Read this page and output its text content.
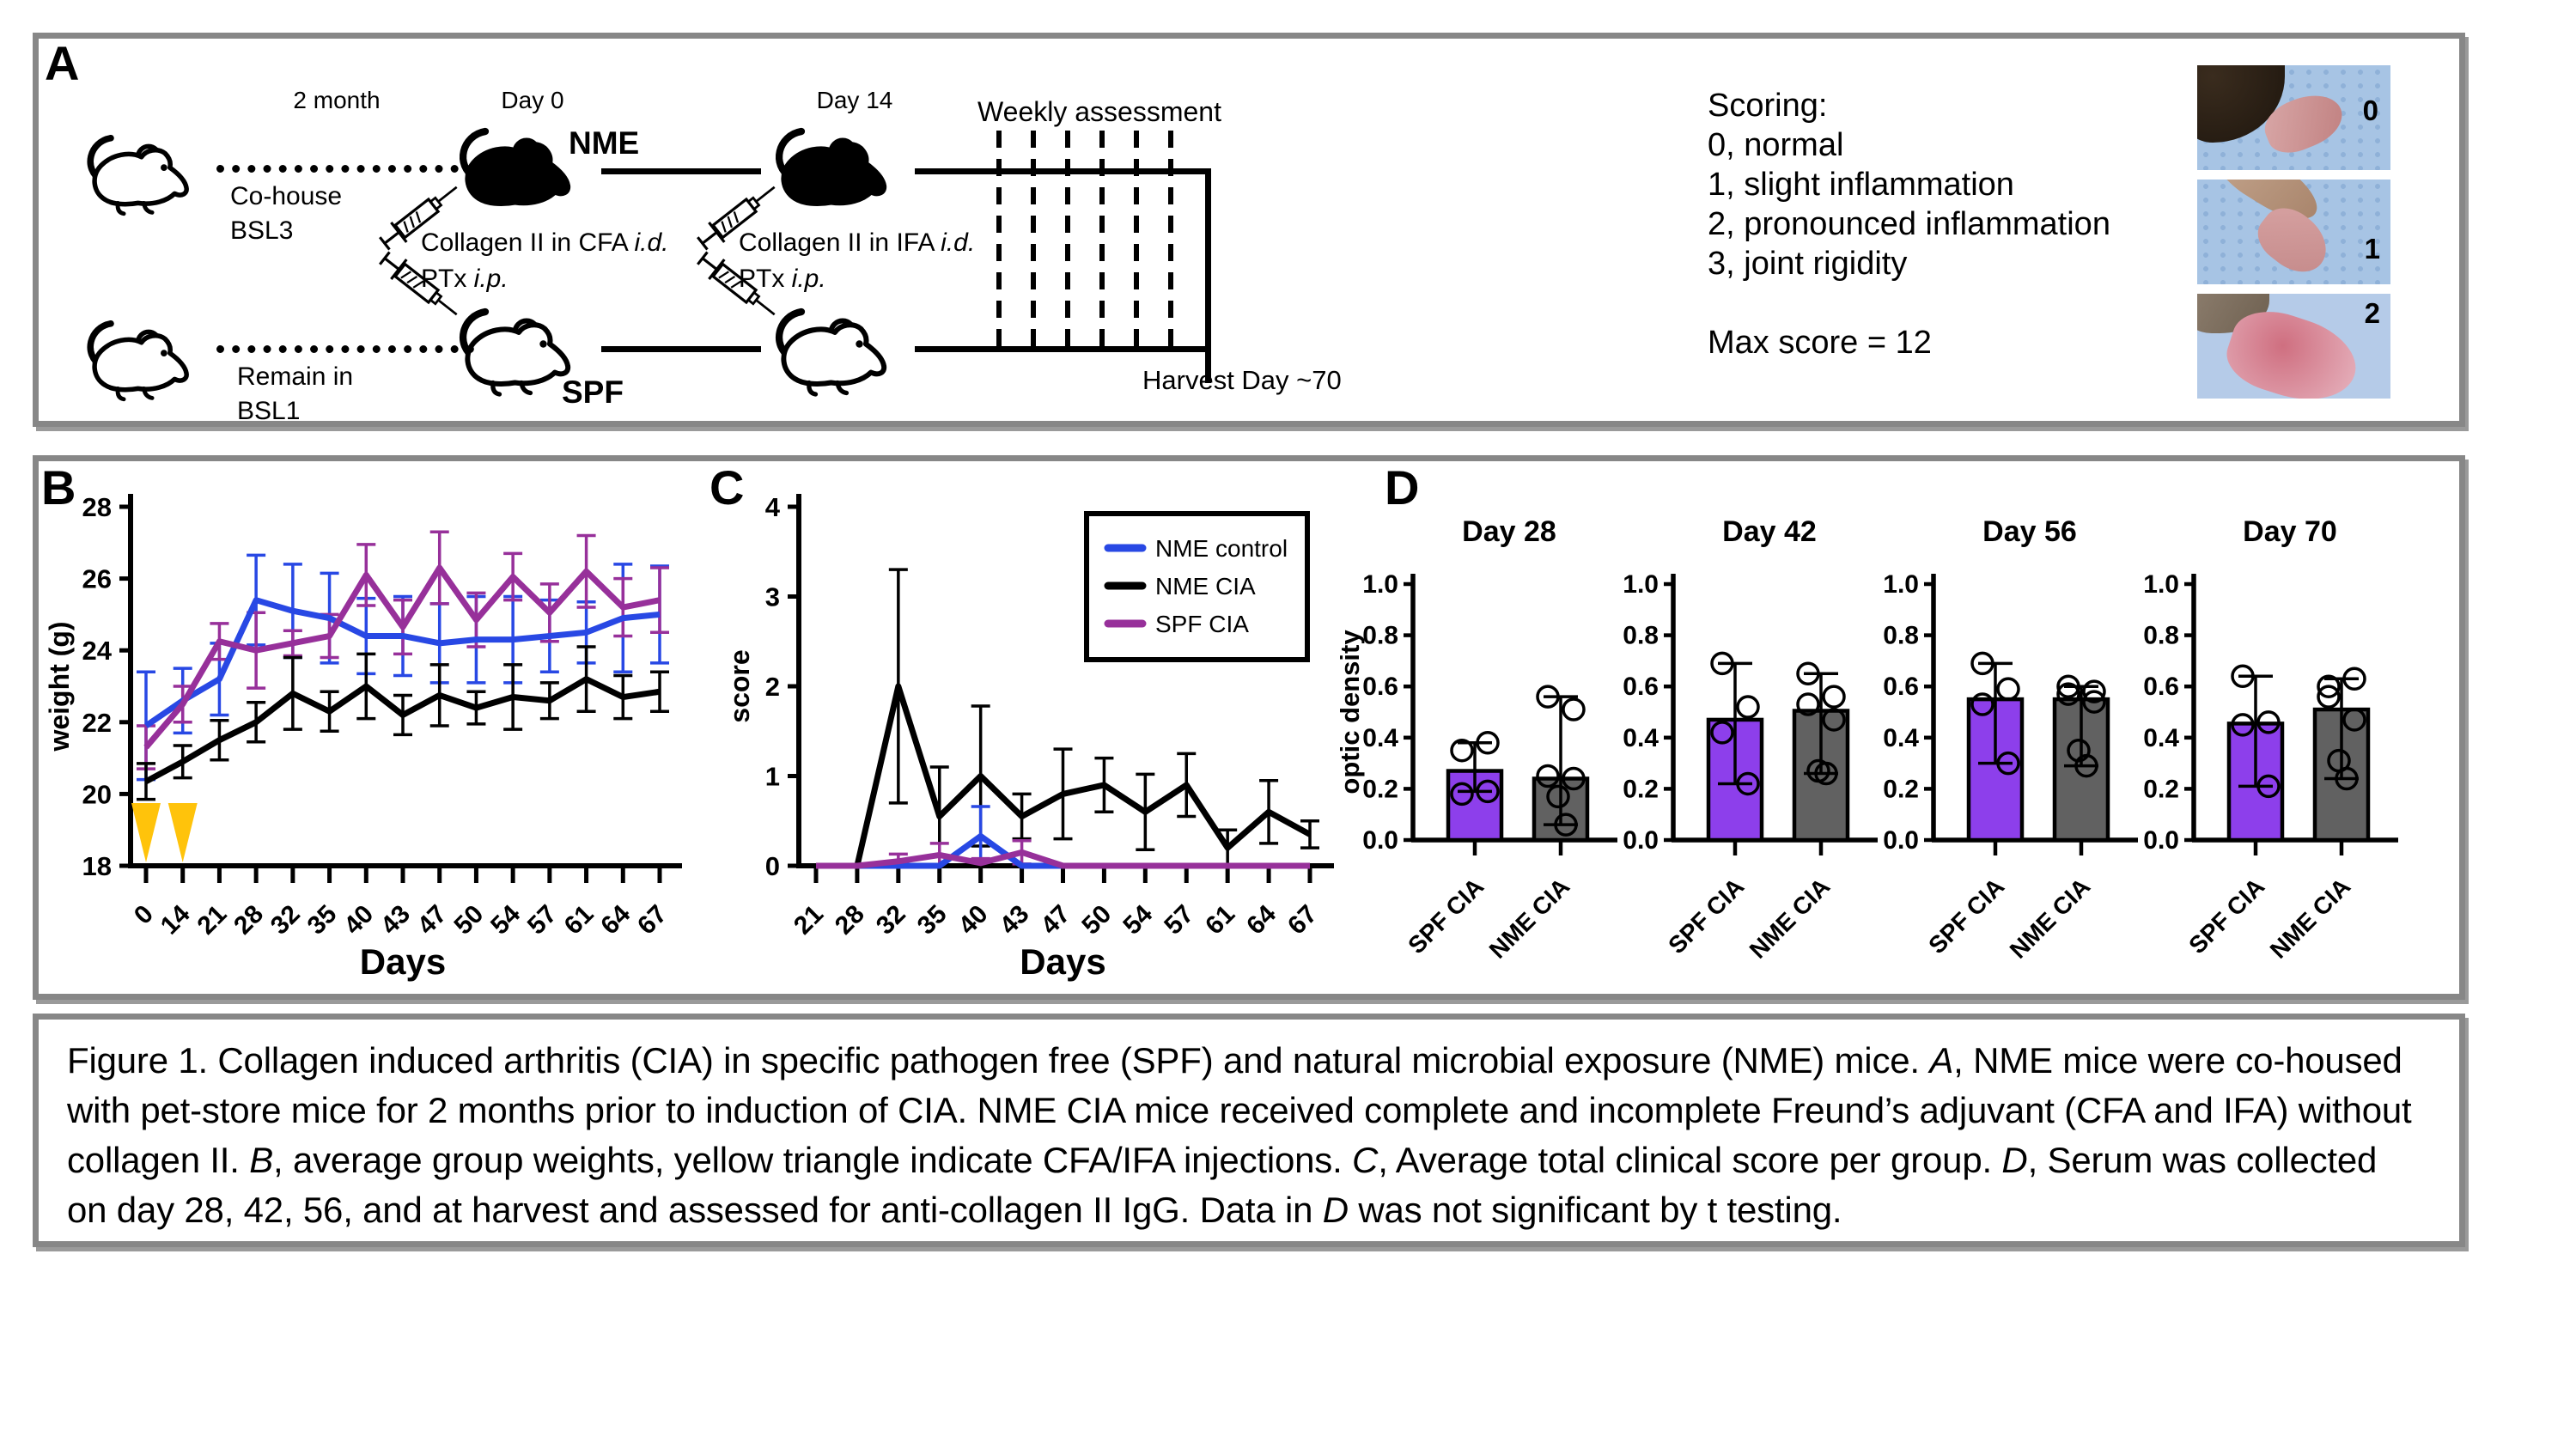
A
2 month	Day 0	Day 14	Weekly assessment
Co-house
BSL3
Remain in
BSL1
NME
SPF	Harvest Day ~70
Collagen II in CFA i.d.
PTx i.p.
Collagen II in IFA i.d.
PTx i.p.
Scoring:
0, normal
1, slight inflammation
2, pronounced inflammation
3, joint rigidity
Max score = 12
0
1
2
B	C	D
18
20
22
24
26
28
0
14
21
28
32
35
40
43
47
50
54
57
61
64
67
Days
weight (g)
0
1
2
3
4
21 28 32 35 40 43 47 50 54 57 61 64 67
Days
score
NME control
NME CIA
SPF CIA
Day 28
0.0
0.2
0.4
0.6
0.8
1.0
SPF CIA
NME CIA
optic density
Day 42
0.0
0.2
0.4
0.6
0.8
1.0
SPF CIA
NME CIA
Day 56
0.0
0.2
0.4
0.6
0.8
1.0
SPF CIA
NME CIA
Day 70
0.0
0.2
0.4
0.6
0.8
1.0
SPF CIA
NME CIA
Figure 1. Collagen induced arthritis (CIA) in specific pathogen free (SPF) and natural microbial exposure (NME) mice. A, NME mice were co-housed with pet-store mice for 2 months prior to induction of CIA. NME CIA mice received complete and incomplete Freund’s adjuvant (CFA and IFA) without collagen II. B, average group weights, yellow triangle indicate CFA/IFA injections. C, Average total clinical score per group. D, Serum was collected on day 28, 42, 56, and at harvest and assessed for anti-collagen II IgG. Data in D was not significant by t testing.
